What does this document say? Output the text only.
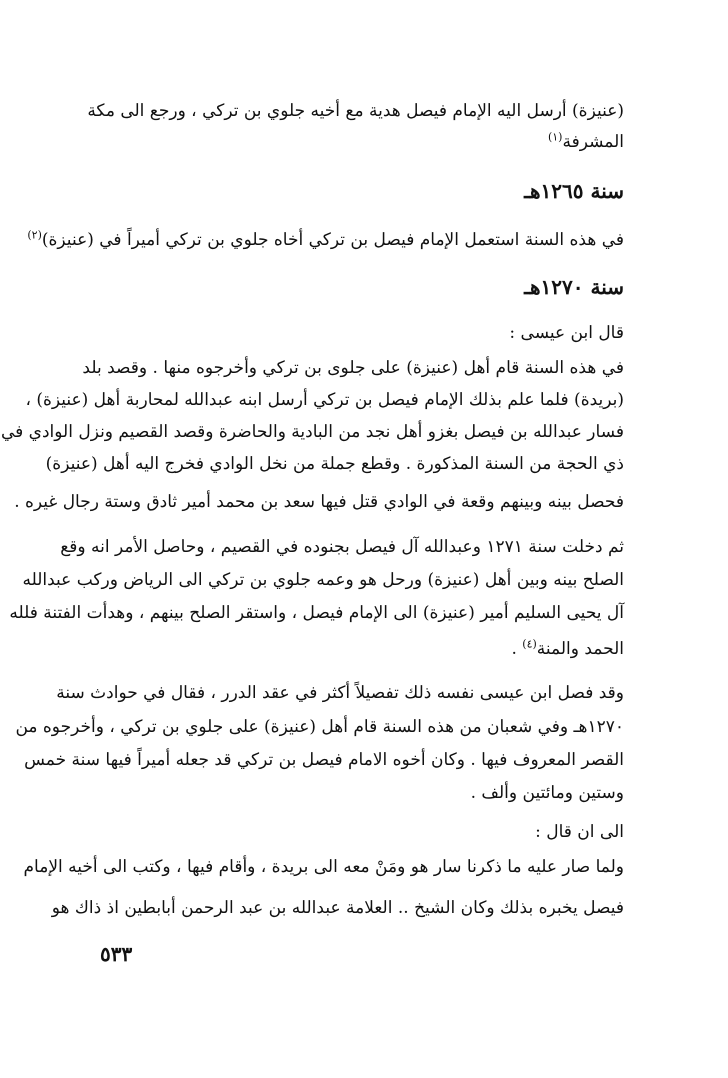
(عنيزة) أرسل اليه الإمام فيصل هدية مع أخيه جلوي بن تركي ، ورجع الى مكة
المشرفة$^{(١)}$
سنة ١٢٦٥هـ
في هذه السنة استعمل الإمام فيصل بن تركي أخاه جلوي بن تركي أميراً في (عنيزة)$^{(٢)}$
سنة ١٢٧٠هـ
قال ابن عيسى :
في هذه السنة قام أهل (عنيزة) على جلوى بن تركي وأخرجوه منها . وقصد بلد
(بريدة) فلما علم بذلك الإمام فيصل بن تركي أرسل ابنه عبدالله لمحاربة أهل (عنيزة) ،
فسار عبدالله بن فيصل بغزو أهل نجد من البادية والحاضرة وقصد القصيم ونزل الوادي في
ذي الحجة من السنة المذكورة . وقطع جملة من نخل الوادي فخرج اليه أهل (عنيزة)
فحصل بينه وبينهم وقعة في الوادي قتل فيها سعد بن محمد أمير ثادق وستة رجال غيره .
ثم دخلت سنة ١٢٧١ وعبدالله آل فيصل بجنوده في القصيم ، وحاصل الأمر انه وقع
الصلح بينه وبين أهل (عنيزة) ورحل هو وعمه جلوي بن تركي الى الرياض وركب عبدالله
آل يحيى السليم أمير (عنيزة) الى الإمام فيصل ، واستقر الصلح بينهم ، وهدأت الفتنة فلله
الحمد والمنة$^{(٤)}$ .
وقد فصل ابن عيسى نفسه ذلك تفصيلاً أكثر في عقد الدرر ، فقال في حوادث سنة
١٢٧٠هـ وفي شعبان من هذه السنة قام أهل (عنيزة) على جلوي بن تركي ، وأخرجوه من
القصر المعروف فيها . وكان أخوه الامام فيصل بن تركي قد جعله أميراً فيها سنة خمس
وستين ومائتين وألف .
الى ان قال :
ولما صار عليه ما ذكرنا سار هو ومَنْ معه الى بريدة ، وأقام فيها ، وكتب الى أخيه الإمام
فيصل يخبره بذلك وكان الشيخ .. العلامة عبدالله بن عبد الرحمن أبابطين اذ ذاك هو
٥٣٣
